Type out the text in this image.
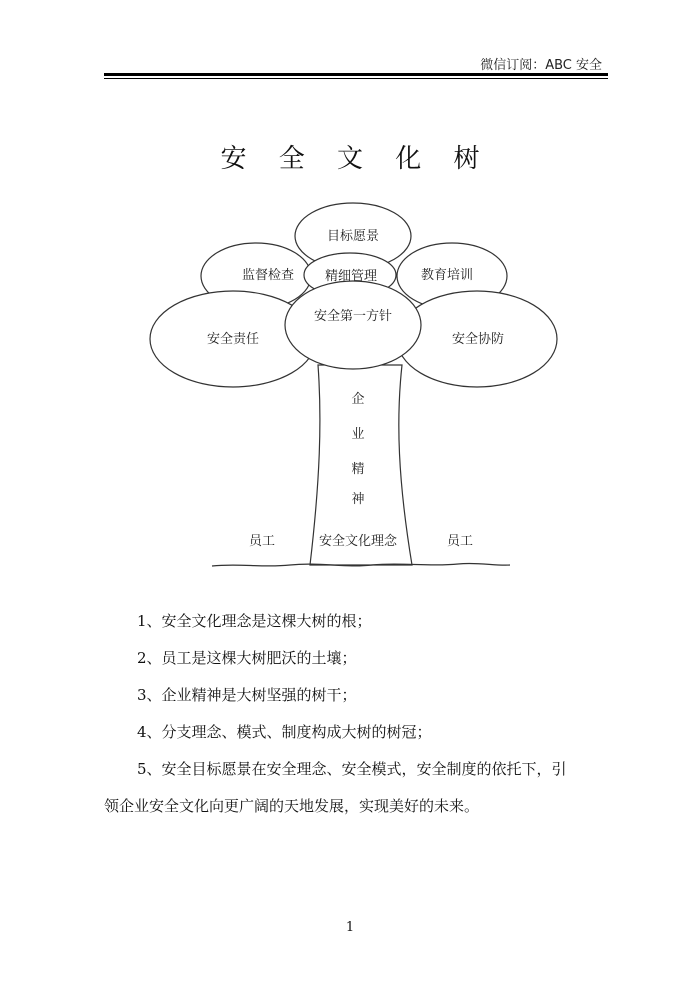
微信订阅：ABC 安全
安 全 文 化 树
目标愿景
监督检查 精细管理	教育培训
安全第一方针
安全责任	安全协防
企
业
精
神
安全文化理念
员工	员工
1、安全文化理念是这棵大树的根；
2、员工是这棵大树肥沃的土壤；
3、企业精神是大树坚强的树干；
4、分支理念、模式、制度构成大树的树冠；
5、安全目标愿景在安全理念、安全模式，安全制度的依托下，引
领企业安全文化向更广阔的天地发展，实现美好的未来。
1
